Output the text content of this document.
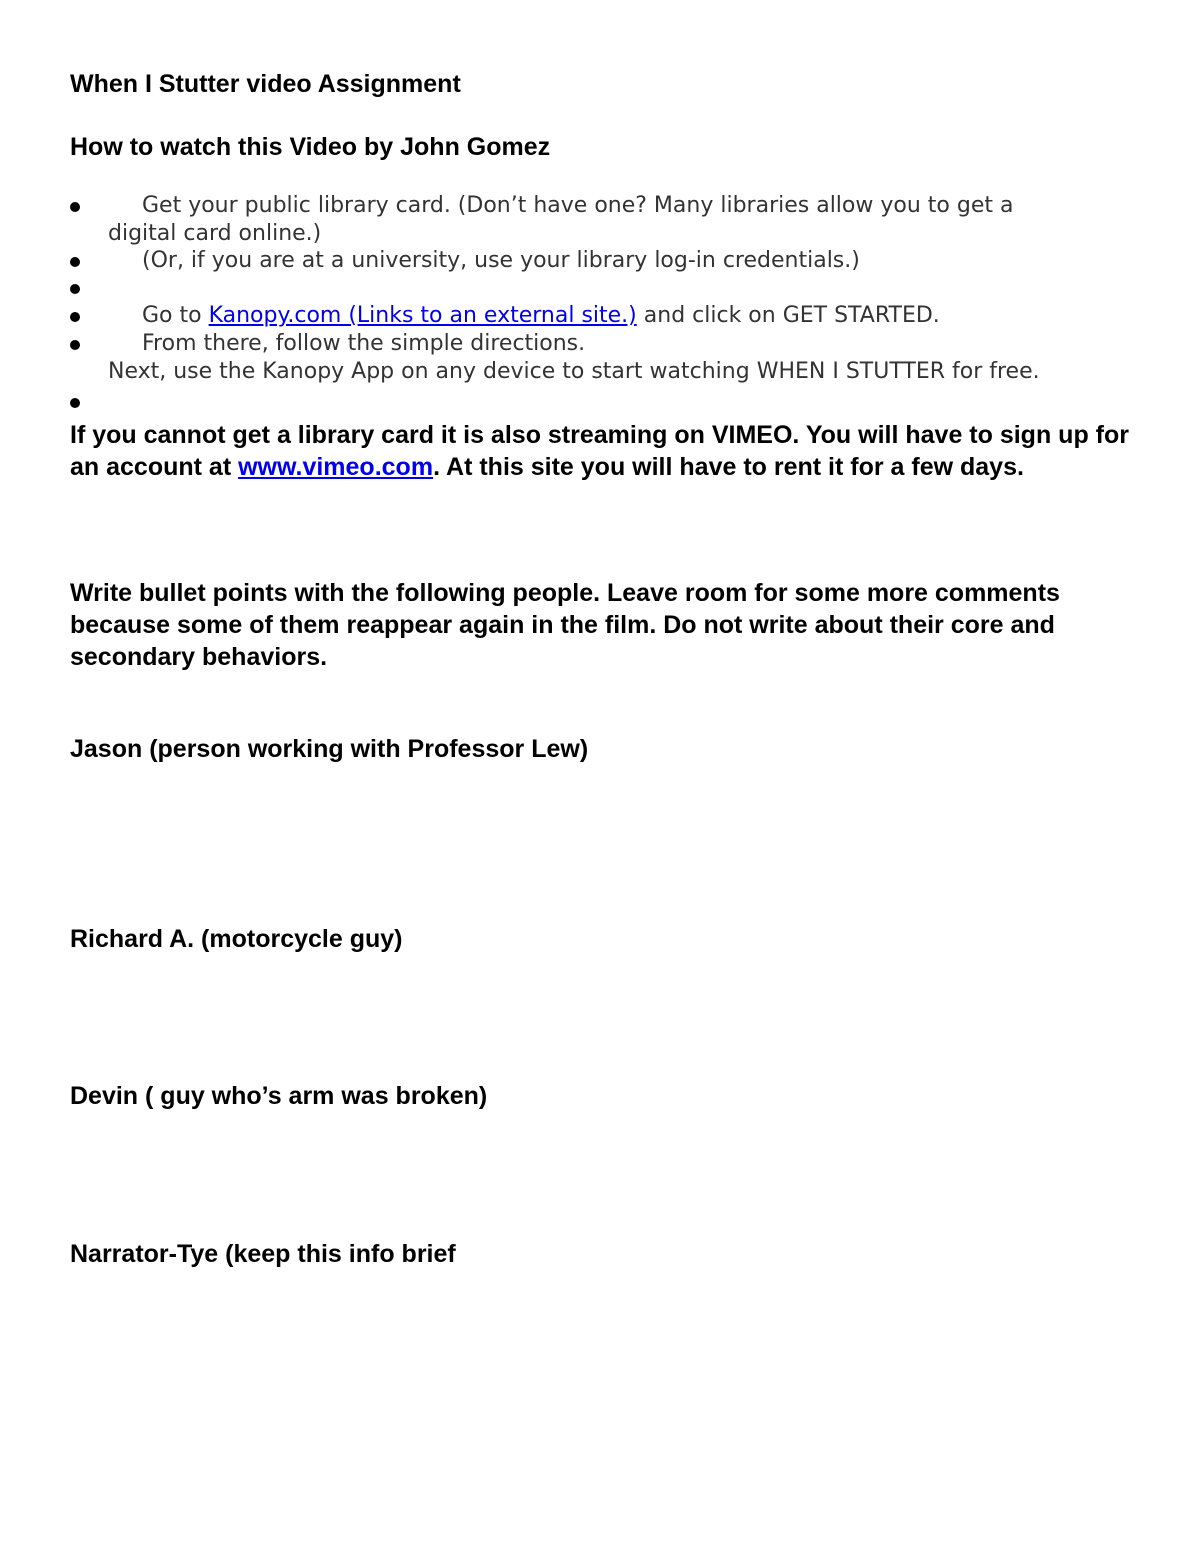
When I Stutter video Assignment

How to watch this Video by John Gomez

Get your public library card. (Don’t have one? Many libraries allow you to get a

digital card online.)

(Or, if you are at a university, use your library log-in credentials.)

Go to Kanopy.com (Links to an external site.) and click on GET STARTED.

From there, follow the simple directions.

Next, use the Kanopy App on any device to start watching WHEN I STUTTER for free.

If you cannot get a library card it is also streaming on VIMEO. You will have to sign up for an account at www.vimeo.com. At this site you will have to rent it for a few days.

Write bullet points with the following people. Leave room for some more comments because some of them reappear again in the film. Do not write about their core and secondary behaviors.

Jason (person working with Professor Lew)

Richard A. (motorcycle guy)

Devin ( guy who’s arm was broken)

Narrator-Tye (keep this info brief
